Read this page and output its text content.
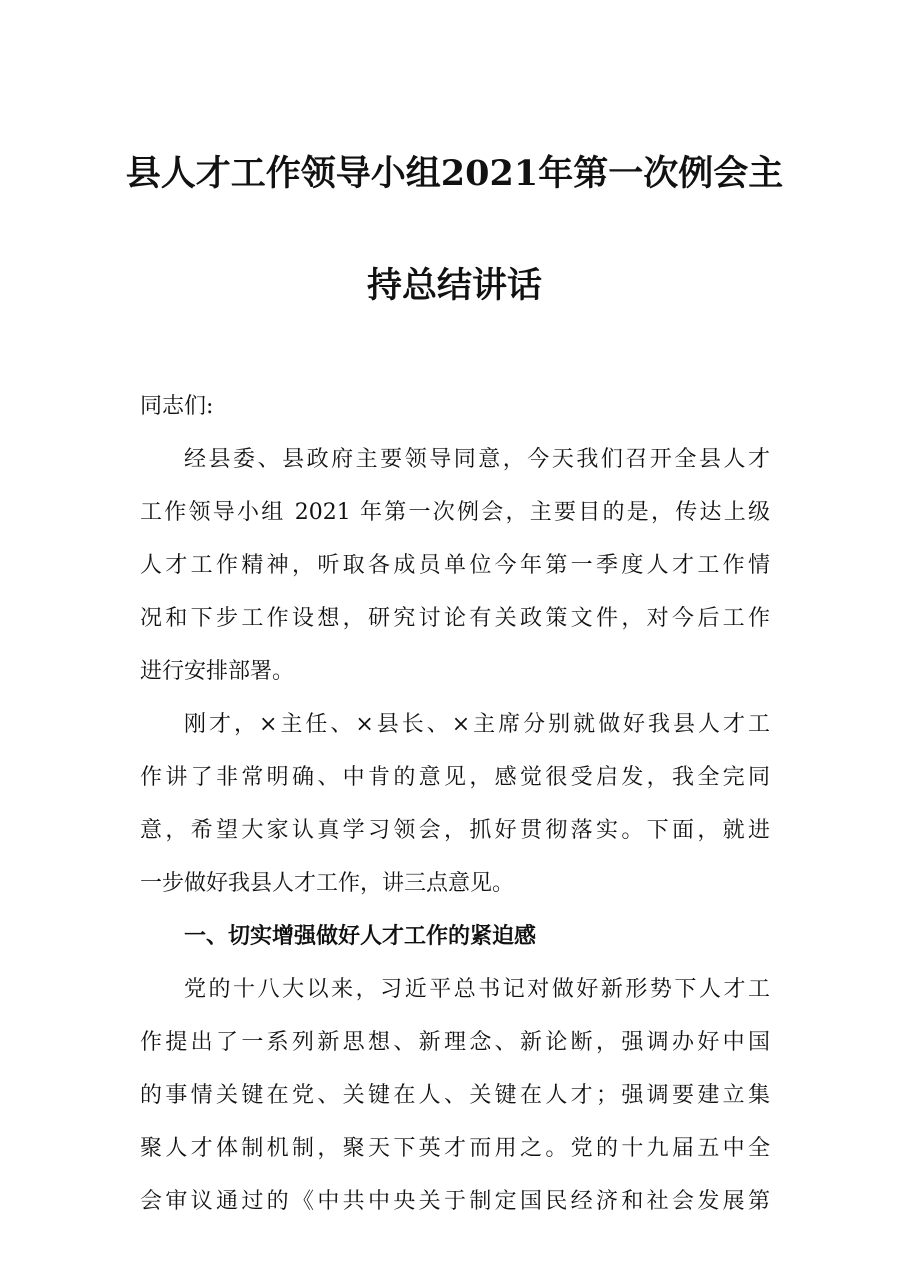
县人才工作领导小组2021年第一次例会主
持总结讲话
同志们:
经县委、县政府主要领导同意，今天我们召开全县人才
工作领导小组 2021 年第一次例会，主要目的是，传达上级
人才工作精神，听取各成员单位今年第一季度人才工作情
况和下步工作设想，研究讨论有关政策文件，对今后工作
进行安排部署。
刚才，×主任、×县长、×主席分别就做好我县人才工
作讲了非常明确、中肯的意见，感觉很受启发，我全完同
意，希望大家认真学习领会，抓好贯彻落实。下面，就进
一步做好我县人才工作，讲三点意见。
一、切实增强做好人才工作的紧迫感
党的十八大以来，习近平总书记对做好新形势下人才工
作提出了一系列新思想、新理念、新论断，强调办好中国
的事情关键在党、关键在人、关键在人才；强调要建立集
聚人才体制机制，聚天下英才而用之。党的十九届五中全
会审议通过的《中共中央关于制定国民经济和社会发展第
